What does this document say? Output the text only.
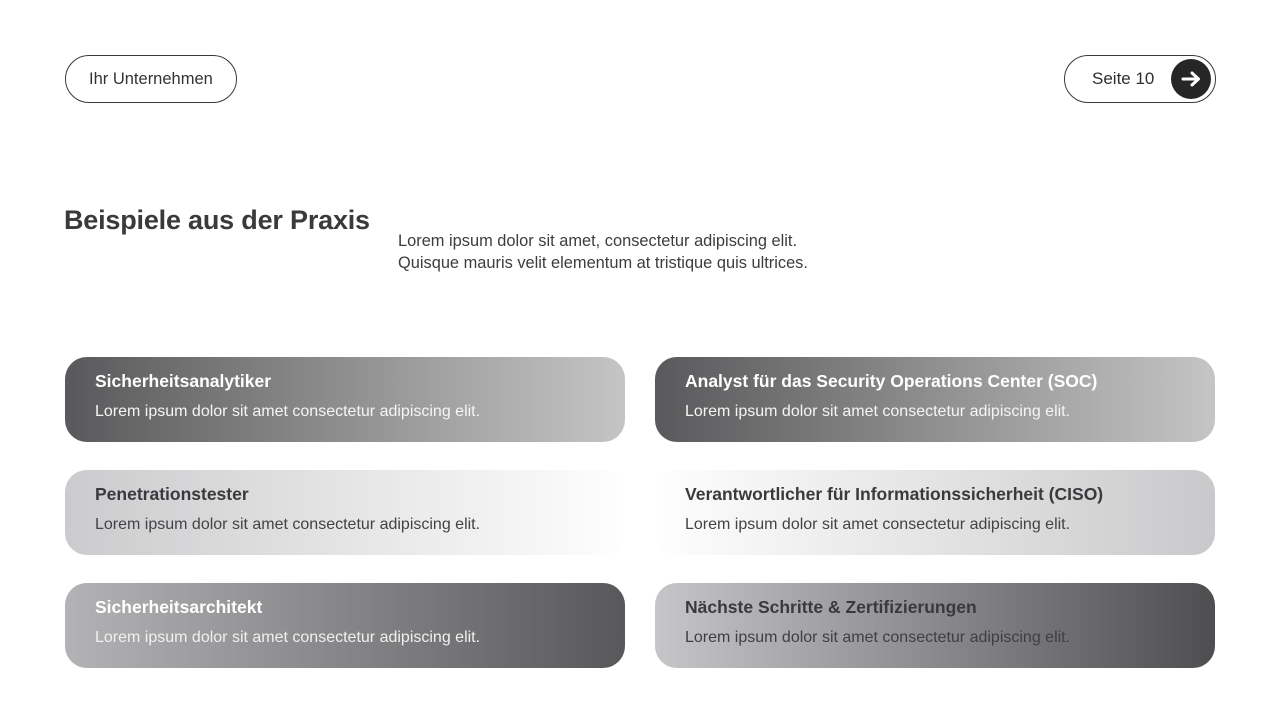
Ihr Unternehmen	Seite 10
Beispiele aus der Praxis
Lorem ipsum dolor sit amet, consectetur adipiscing elit.
Quisque mauris velit elementum at tristique quis ultrices.
Sicherheitsanalytiker
Lorem ipsum dolor sit amet consectetur adipiscing elit.
Analyst für das Security Operations Center (SOC)
Lorem ipsum dolor sit amet consectetur adipiscing elit.
Penetrationstester
Lorem ipsum dolor sit amet consectetur adipiscing elit.
Verantwortlicher für Informationssicherheit (CISO)
Lorem ipsum dolor sit amet consectetur adipiscing elit.
Sicherheitsarchitekt
Lorem ipsum dolor sit amet consectetur adipiscing elit.
Nächste Schritte & Zertifizierungen
Lorem ipsum dolor sit amet consectetur adipiscing elit.
